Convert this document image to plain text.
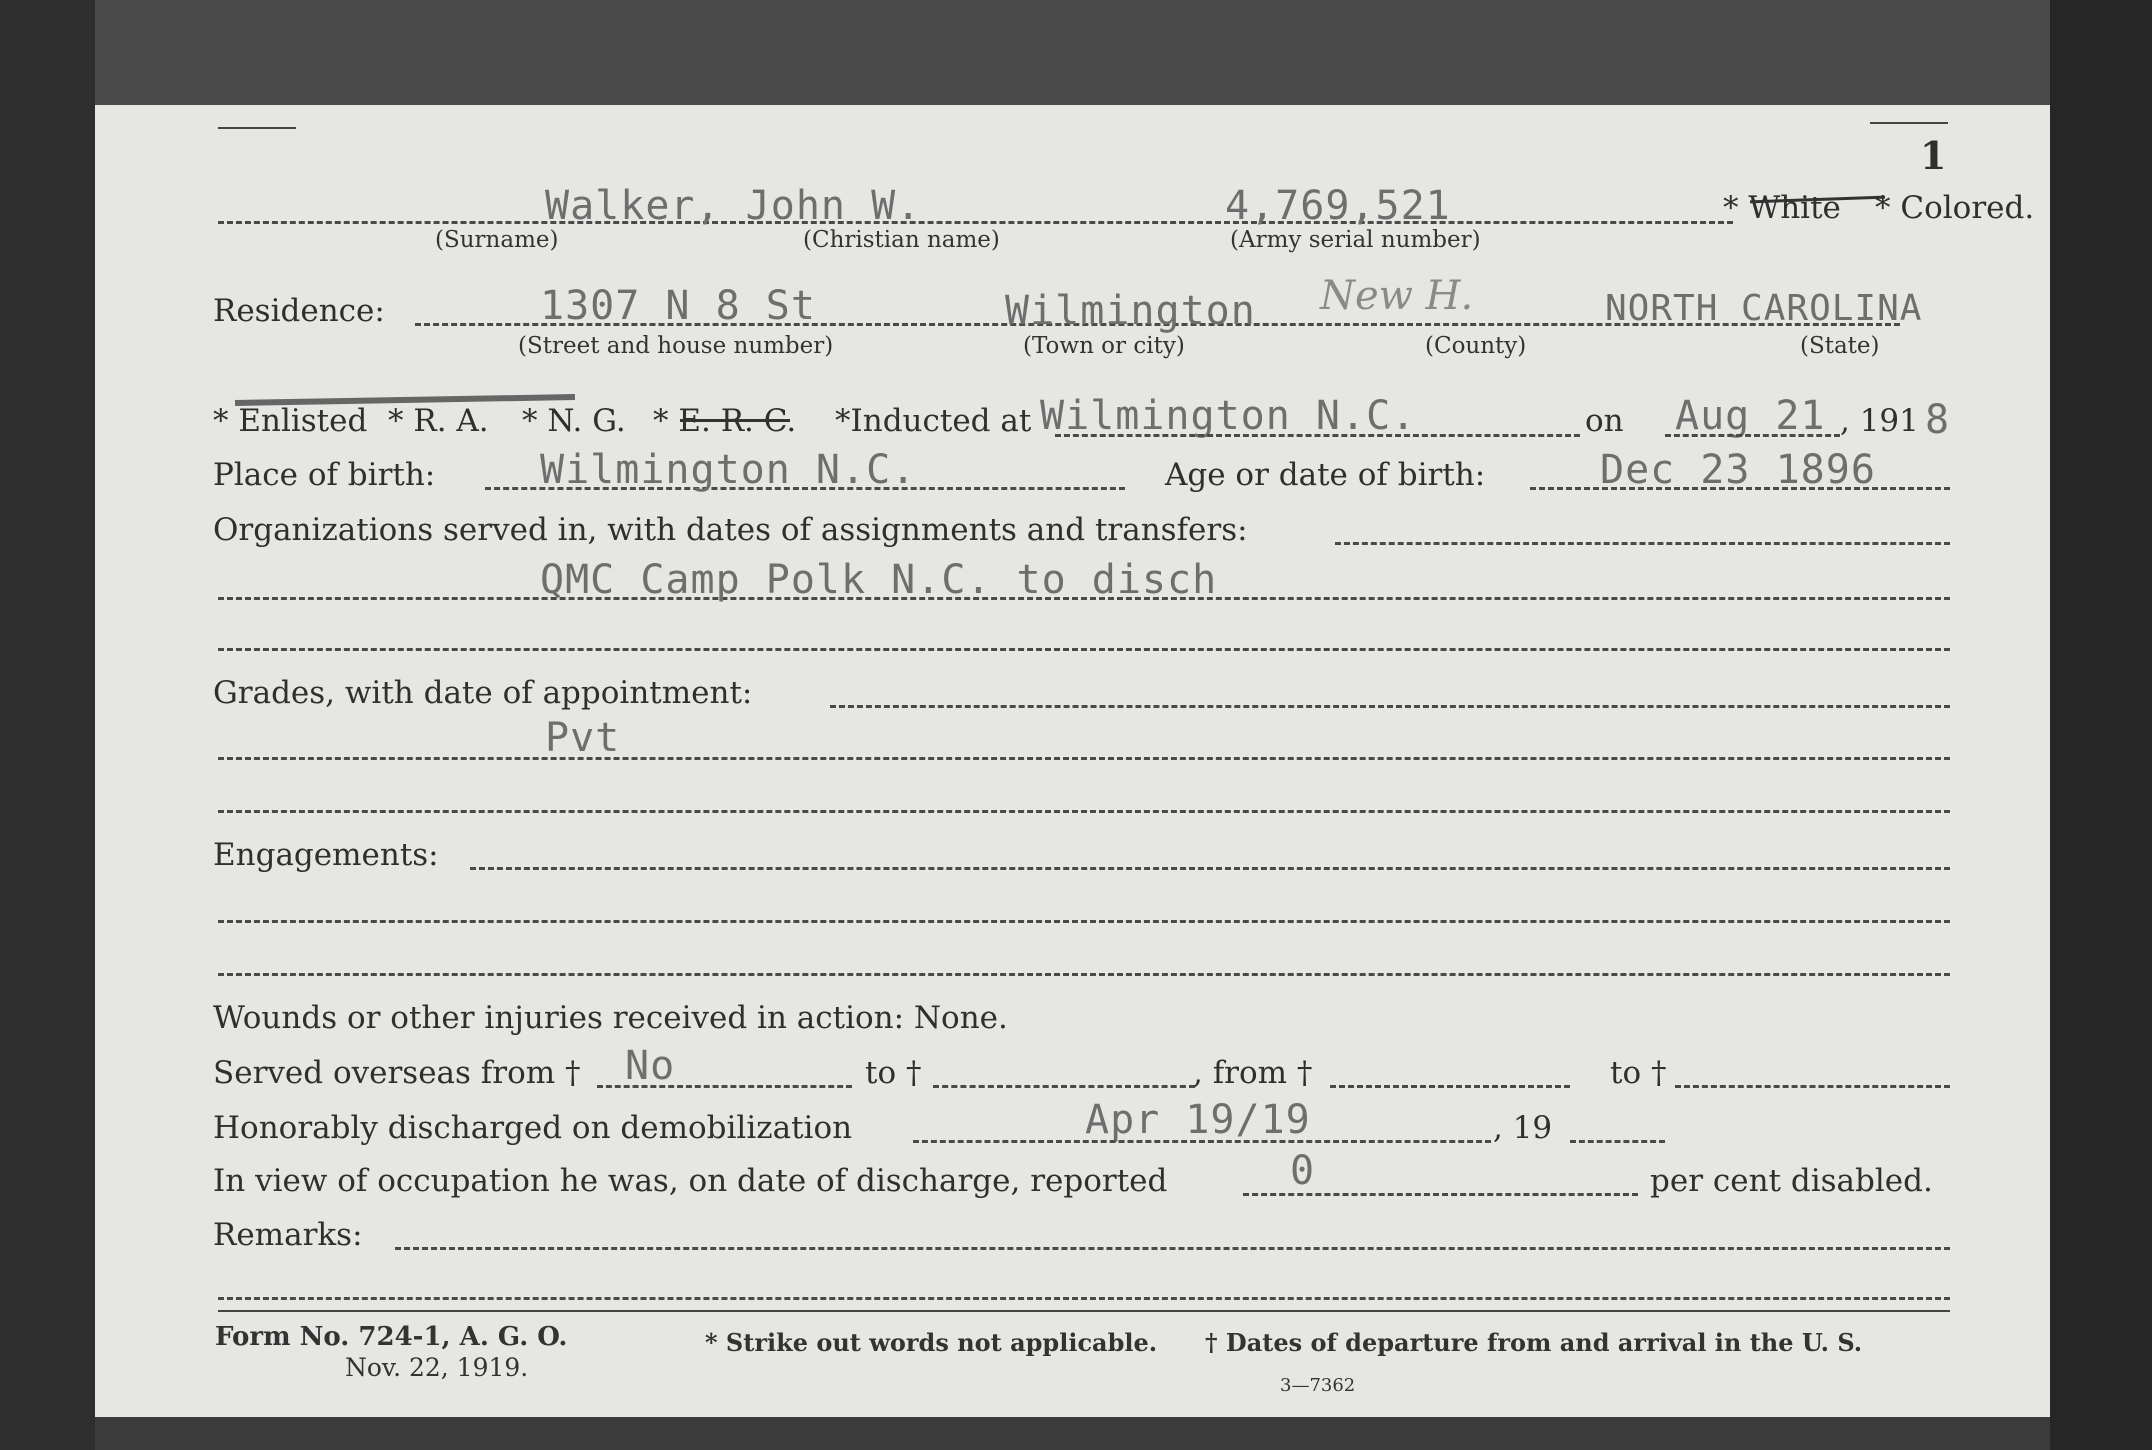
1
Walker, John W.	4,769,521	* White * Colored.
(Surname)	(Christian name)	(Army serial number)
Residence:	1307 N 8 St	Wilmington New H.	NORTH CAROLINA
(Street and house number)	(Town or city)	(County)	(State)
* Enlisted * R. A. * N. G. * E. R. C. *Inducted at Wilmington N.C.	on Aug 21 , 191 8
Place of birth:	Wilmington N.C.	Age or date of birth:	Dec 23 1896
Organizations served in, with dates of assignments and transfers:
QMC Camp Polk N.C. to disch
Grades, with date of appointment:
Pvt
Engagements:
Wounds or other injuries received in action: None.
Served overseas from † No	to †	, from †	to †
Honorably discharged on demobilization	Apr 19/19	, 19
In view of occupation he was, on date of discharge, reported	0	per cent disabled.
Remarks:
Form No. 724-1, A. G. O.
Nov. 22, 1919.
* Strike out words not applicable. † Dates of departure from and arrival in the U. S.
3—7362
